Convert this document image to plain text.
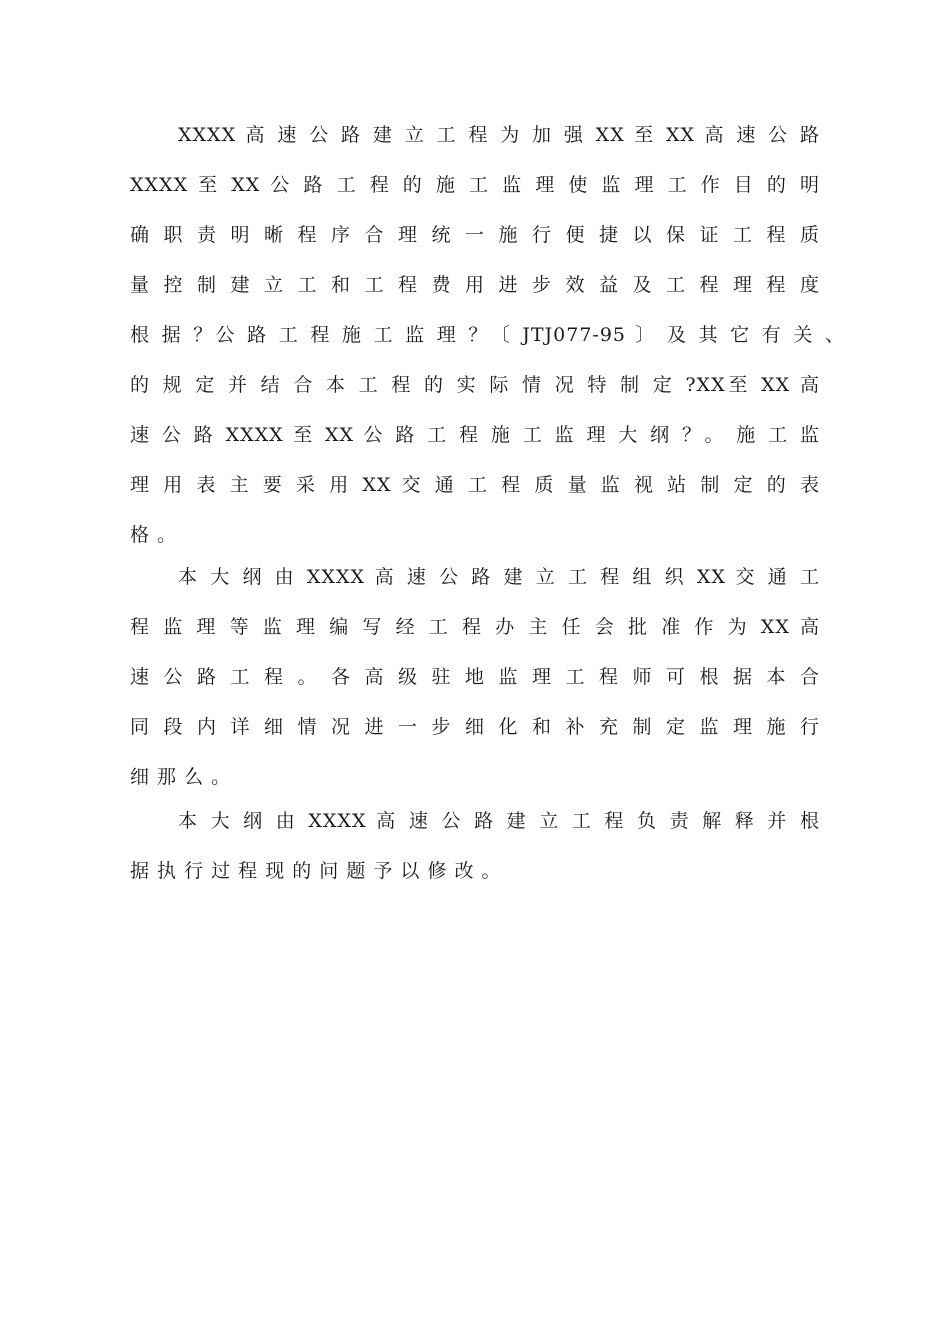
XXXX 高 速 公 路 建 立 工 程 为 加 强 XX 至 XX 高 速 公 路
XXXX 至 XX 公 路 工 程 的 施 工 监 理 使 监 理 工 作 目 的 明
确 职 责 明 晰 程 序 合 理 统 一 施 行 便 捷 以 保 证 工 程 质
量 控 制 建 立 工 和 工 程 费 用 进 步 效 益 及 工 程 理 程 度
根 据 ？公 路 工 程 施 工 监 理 ？〔 JTJ077-95 〕 及 其 它 有 关 、
的 规 定 并 结 合 本 工 程 的 实 际 情 况 特 制 定 ?XX至 XX 高
速 公 路 XXXX 至 XX 公 路 工 程 施 工 监 理 大 纲 ？。 施 工 监
理 用 表 主 要 采 用 XX 交 通 工 程 质 量 监 视 站 制 定 的 表
格 。
本 大 纲 由 XXXX 高 速 公 路 建 立 工 程 组 织 XX 交 通 工
程 监 理 等 监 理 编 写 经 工 程 办 主 任 会 批 准 作 为 XX 高
速 公 路 工 程 。 各 高 级 驻 地 监 理 工 程 师 可 根 据 本 合
同 段 内 详 细 情 况 进 一 步 细 化 和 补 充 制 定 监 理 施 行
细 那 么 。
本 大 纲 由 XXXX 高 速 公 路 建 立 工 程 负 责 解 释 并 根
据 执 行 过 程 现 的 问 题 予 以 修 改 。
